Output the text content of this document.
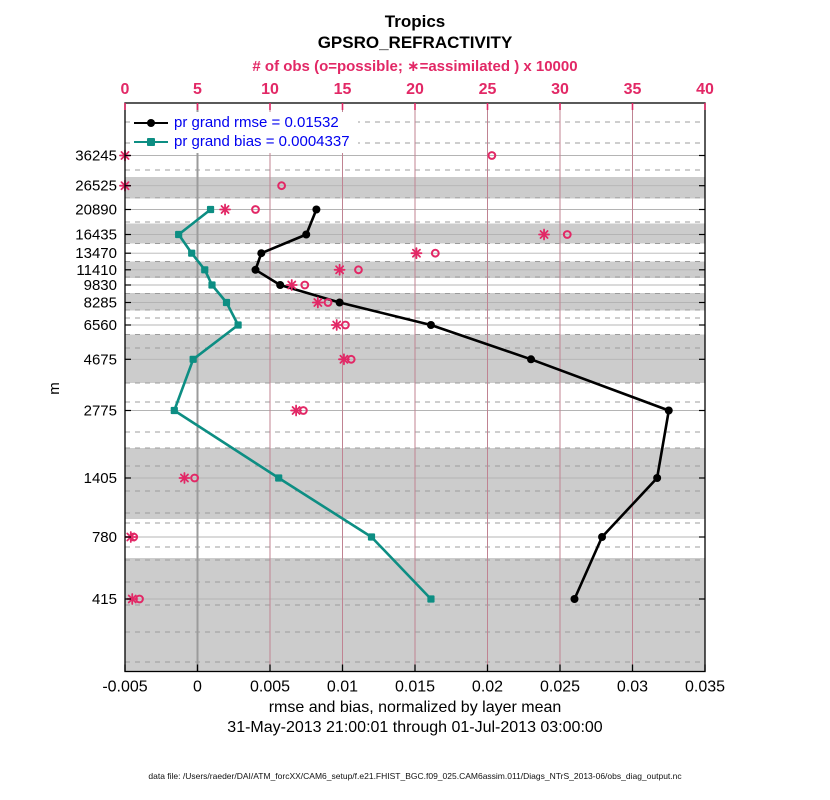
0	5	10	15	20	25	30	35	40
-0.005	0	0.005 0.01 0.015 0.02 0.025 0.03 0.035
36245
26525
20890
16435
13470
11410
9830
8285
6560
4675
2775
1405
780
415
Tropics
GPSRO_REFRACTIVITY
# of obs (o=possible; ∗=assimilated ) x 10000
pr grand rmse = 0.01532
pr grand bias = 0.0004337
m
rmse and bias, normalized by layer mean
31-May-2013 21:00:01 through 01-Jul-2013 03:00:00
data file: /Users/raeder/DAI/ATM_forcXX/CAM6_setup/f.e21.FHIST_BGC.f09_025.CAM6assim.011/Diags_NTrS_2013-06/obs_diag_output.nc
